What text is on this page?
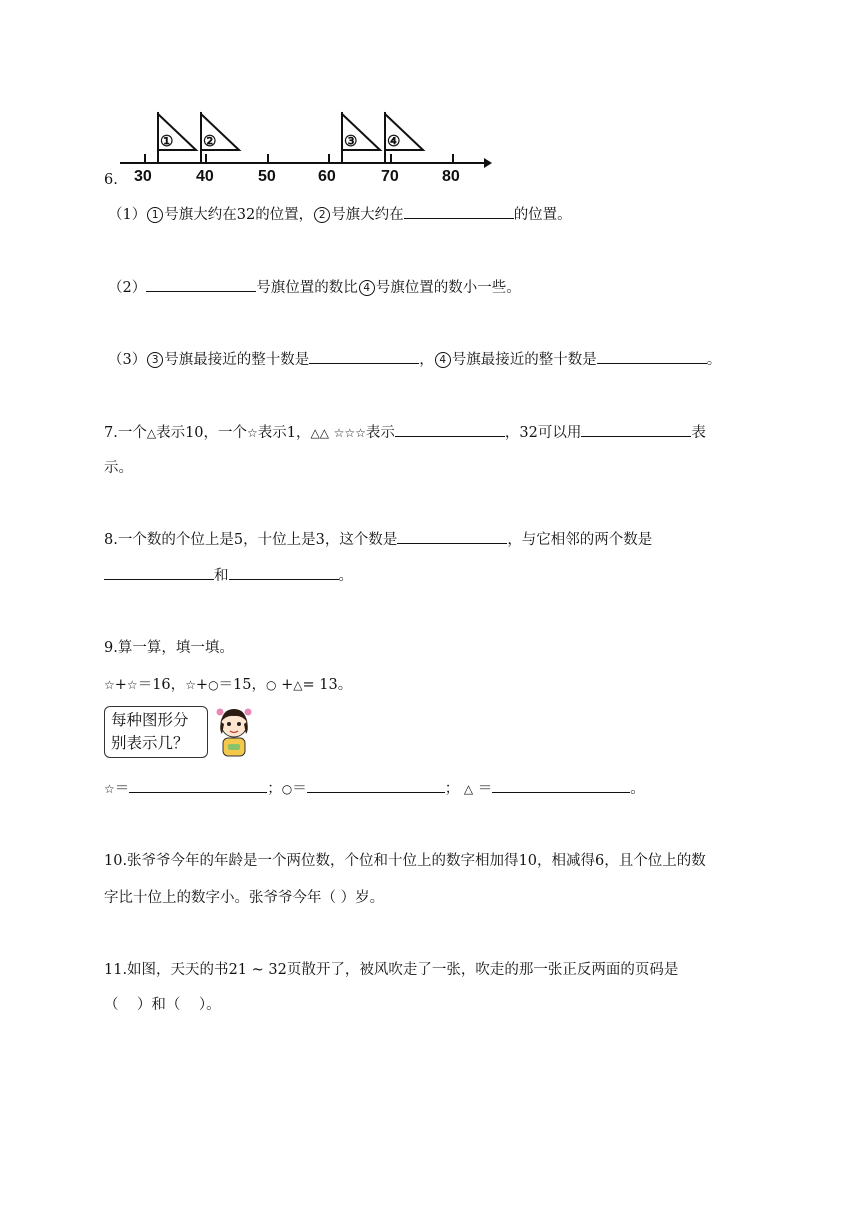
① ②	③ ④
30	40	50	60	70	80
6.
（1） 1 号旗大约在32的位置， 2 号旗大约在	的位置。
（2）	号旗位置的数比 4 号旗位置的数小一些。
（3） 3 号旗最接近的整十数是	， 4 号旗最接近的整十数是	。
7.一个△表示10，一个☆表示1，△△ ☆☆☆表示	，32可以用	表
示。
8.一个数的个位上是5，十位上是3，这个数是	，与它相邻的两个数是
和	。
9.算一算，填一填。
☆+☆＝16，☆+○＝15，○ +△= 13。
每种图形分
别表示几？
☆＝	；○＝	； △ ＝	。
10.张爷爷今年的年龄是一个两位数，个位和十位上的数字相加得10，相减得6，且个位上的数
字比十位上的数字小。张爷爷今年（ ）岁。
11.如图，天天的书21 ~ 32页散开了，被风吹走了一张，吹走的那一张正反两面的页码是
（    ）和（    ）。
